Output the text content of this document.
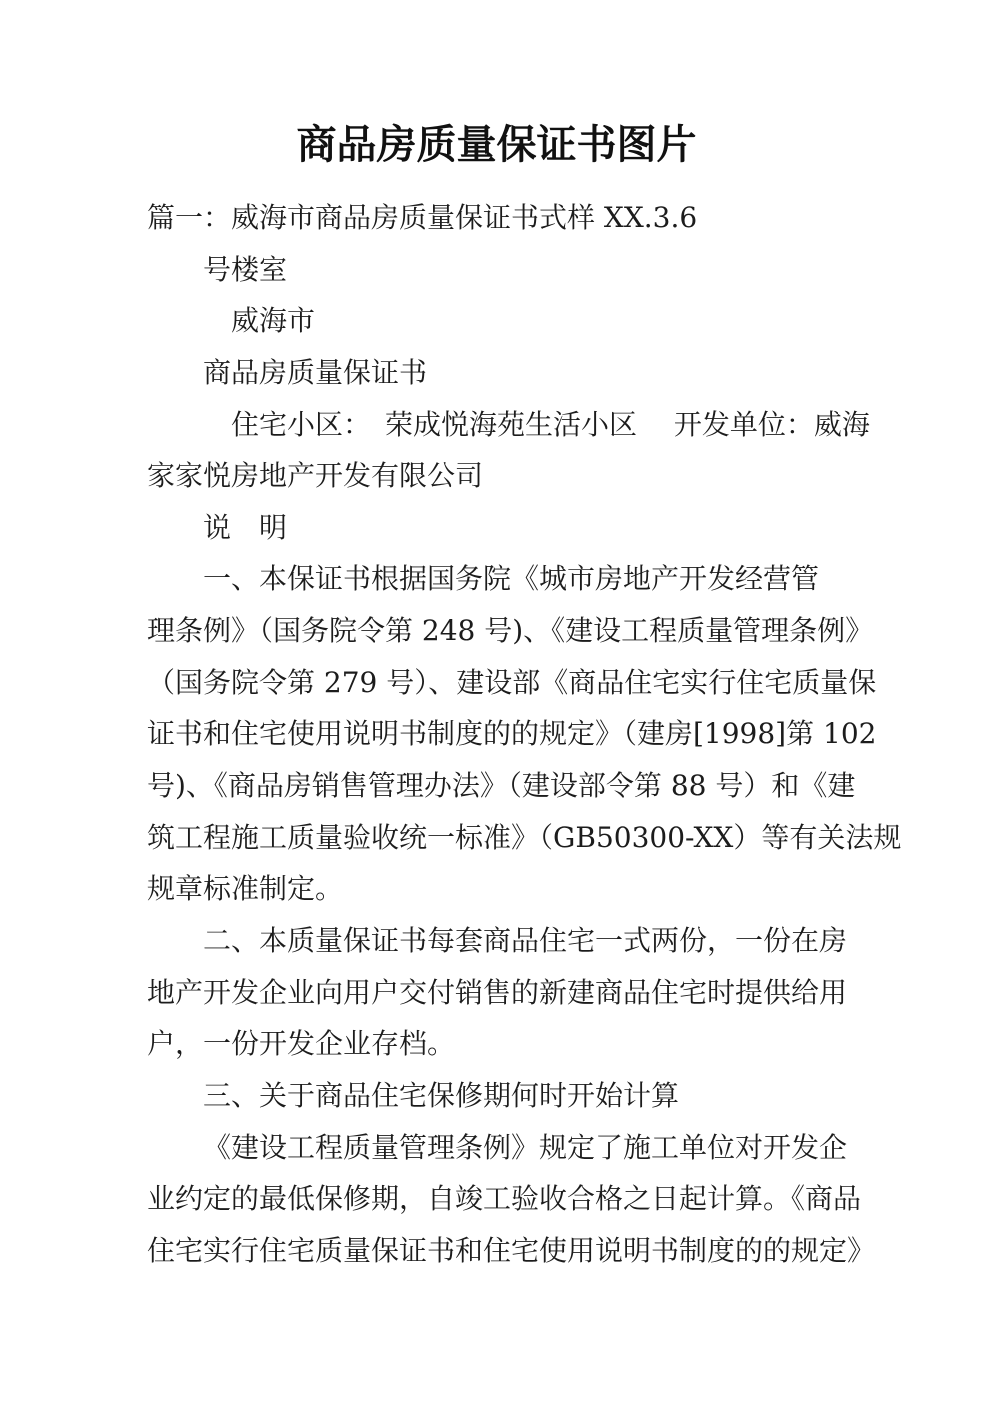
商品房质量保证书图片
篇一：威海市商品房质量保证书式样 XX.3.6
号楼室
威海市
商品房质量保证书
住宅小区：　荣成悦海苑生活小区　 开发单位：威海
家家悦房地产开发有限公司
说　明
一、本保证书根据国务院《城市房地产开发经营管
理条例》（国务院令第 248 号)、《建设工程质量管理条例》
（国务院令第 279 号）、建设部《商品住宅实行住宅质量保
证书和住宅使用说明书制度的的规定》（建房[1998]第 102
号)、《商品房销售管理办法》（建设部令第 88 号）和《建
筑工程施工质量验收统一标准》（GB50300-XX）等有关法规
规章标准制定。
二、本质量保证书每套商品住宅一式两份，一份在房
地产开发企业向用户交付销售的新建商品住宅时提供给用
户，一份开发企业存档。
三、关于商品住宅保修期何时开始计算
《建设工程质量管理条例》规定了施工单位对开发企
业约定的最低保修期，自竣工验收合格之日起计算。《商品
住宅实行住宅质量保证书和住宅使用说明书制度的的规定》
